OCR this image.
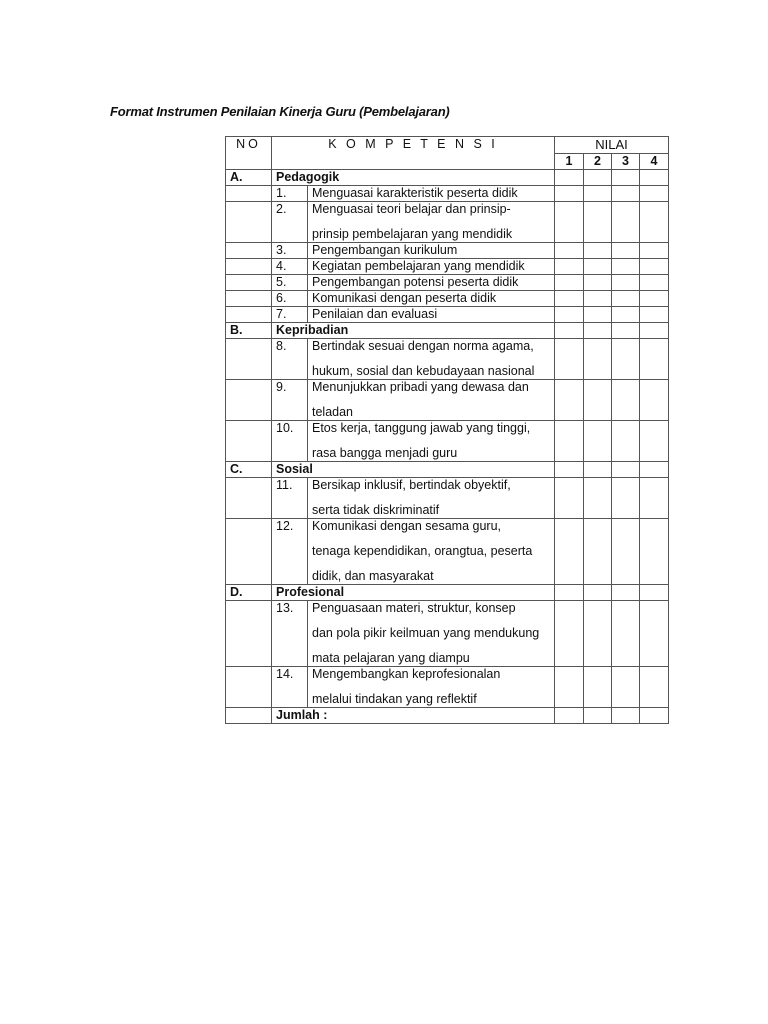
Format Instrumen Penilaian Kinerja Guru (Pembelajaran)
NO	K O M P E T E N S I		NILAI			
			1	2	3	4
A.	Pedagogik					
	1.	Menguasai karakteristik peserta didik				

	2.	Menguasai teori belajar dan prinsip-
prinsip pembelajaran yang mendidik				

	3.	Pengembangan kurikulum				

	4.	Kegiatan pembelajaran yang mendidik				

	5.	Pengembangan potensi peserta didik				

	6.	Komunikasi dengan peserta didik				

	7.	Penilaian dan evaluasi				

B.	Kepribadian					
	8.	Bertindak sesuai dengan norma agama,
hukum, sosial dan kebudayaan nasional				

	9.	Menunjukkan pribadi yang dewasa dan
teladan				

	10.	Etos kerja, tanggung jawab yang tinggi,
rasa bangga menjadi guru				

C.	Sosial					
	11.	Bersikap inklusif, bertindak obyektif,
serta tidak diskriminatif				

	12.	Komunikasi dengan sesama guru,
tenaga kependidikan, orangtua, peserta
didik, dan masyarakat				

D.	Profesional					
	13.	Penguasaan materi, struktur, konsep
dan pola pikir keilmuan yang mendukung
mata pelajaran yang diampu				

	14.	Mengembangkan keprofesionalan
melalui tindakan yang reflektif				

	Jumlah :					
